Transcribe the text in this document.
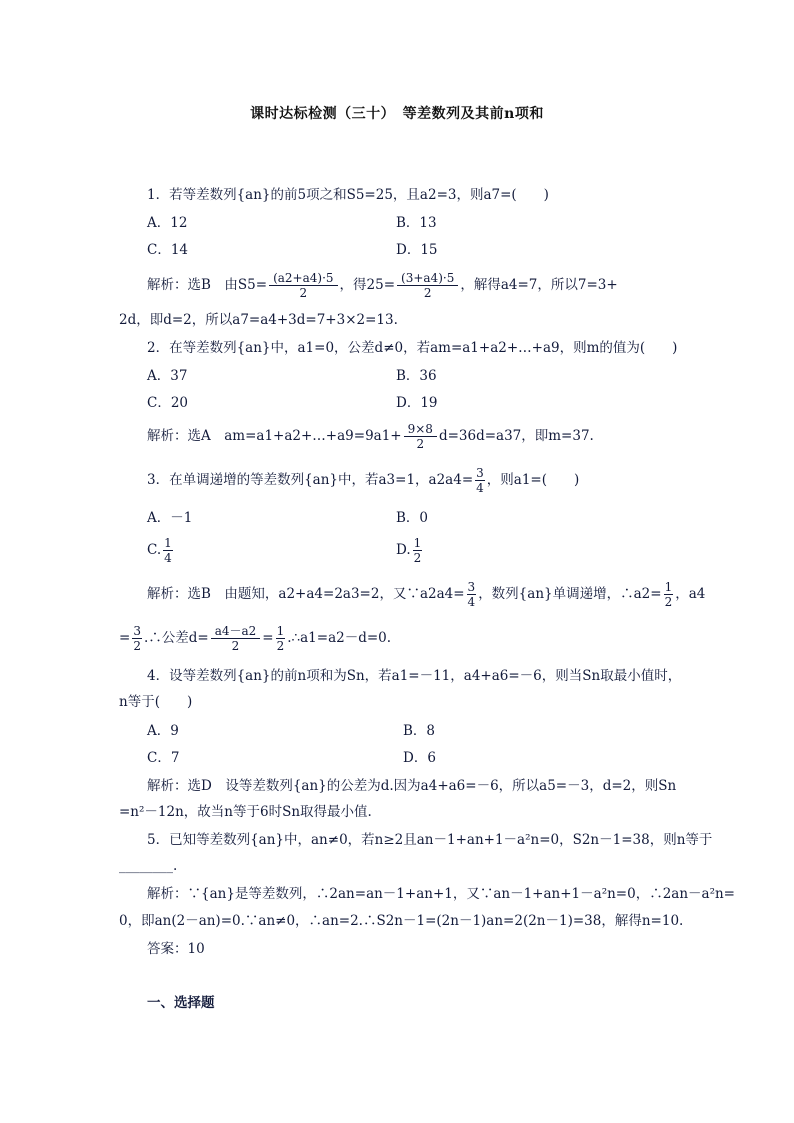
课时达标检测（三十）　等差数列及其前n项和
1．若等差数列{an}的前5项之和S5=25，且a2=3，则a7=(　　)
A．12	B．13
C．14	D．15
解析：选B　由$S5= \frac{(a2+a4)\cdot 5}{2}$ ，得$25= \frac{(3+a4)\cdot 5}{2}$ ，解得a4=7，所以7=3+
2d，即d=2，所以a7=a4+3d=7+3×2=13.
2．在等差数列{an}中，a1=0，公差d≠0，若am=a1+a2+…+a9，则m的值为(　　)
A．37	B．36
C．20	D．19
解析：选A　am=a1+a2+…+a9=9a1+ $\frac{9\times 8}{2} d=36d=a37$，即m=37.
3．在单调递增的等差数列{an}中，若a3=1，$a2a4= \frac{3}{4}$ ，则a1=(　　)
A．－1	B．0
C. $\frac{1}{4}$	D. $\frac{1}{2}$
解析：选B　由题知，a2+a4=2a3=2，又∵a2a4= $\frac{3}{4}$ ，数列{an}单调递增，∴a2= $\frac{1}{2}$ ，a4
= $\frac{3}{2}$ .∴公差$d= \frac{a4-a2}{2} = \frac{1}{2}$ .∴a1=a2－d=0.
4．设等差数列{an}的前n项和为Sn，若a1=－11，a4+a6=－6，则当Sn取最小值时，
n等于(　　)
A．9	B．8
C．7	D．6
解析：选D　设等差数列{an}的公差为d.因为a4+a6=－6，所以a5=－3，d=2，则Sn
=n²－12n，故当n等于6时Sn取得最小值.
5．已知等差数列{an}中，an≠0，若n≥2且an－1+an+1－a²n=0，S2n－1=38，则n等于
________.
解析：∵{an}是等差数列，∴2an=an－1+an+1，又∵an－1+an+1－a²n=0，∴2an－a²n=
0，即an(2－an)=0.∵an≠0，∴an=2.∴S2n－1=(2n－1)an=2(2n－1)=38，解得n=10.
答案：10
一、选择题
